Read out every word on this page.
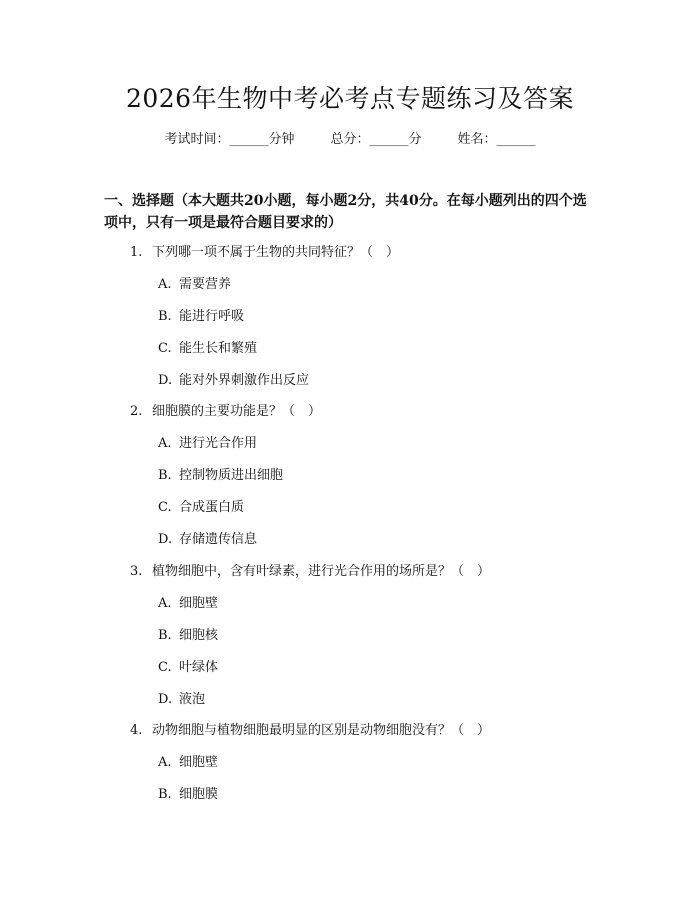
2026年生物中考必考点专题练习及答案
考试时间：______分钟	总分：______分	姓名：______
一、选择题（本大题共20小题，每小题2分，共40分。在每小题列出的四个选
项中，只有一项是最符合题目要求的）
1. 下列哪一项不属于生物的共同特征？（　）
A. 需要营养
B. 能进行呼吸
C. 能生长和繁殖
D. 能对外界刺激作出反应
2. 细胞膜的主要功能是？（　）
A. 进行光合作用
B. 控制物质进出细胞
C. 合成蛋白质
D. 存储遗传信息
3. 植物细胞中，含有叶绿素，进行光合作用的场所是？（　）
A. 细胞壁
B. 细胞核
C. 叶绿体
D. 液泡
4. 动物细胞与植物细胞最明显的区别是动物细胞没有？（　）
A. 细胞壁
B. 细胞膜
